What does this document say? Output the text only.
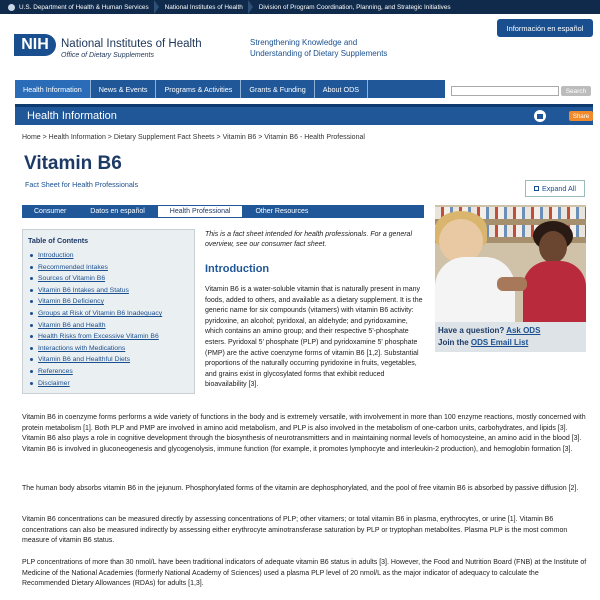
U.S. Department of Health & Human Services	National Institutes of Health	Division of Program Coordination, Planning, and Strategic Initiatives
Información en español
NIH	National Institutes of Health
Office of Dietary Supplements
Strengthening Knowledge and
Understanding of Dietary Supplements
Health Information	News & Events	Programs & Activities	Grants & Funding	About ODS	Search
Health Information	Share
Home > Health Information > Dietary Supplement Fact Sheets > Vitamin B6 > Vitamin B6 - Health Professional
Vitamin B6
Fact Sheet for Health Professionals	Expand All
Consumer	Datos en español	Health Professional	Other Resources
Table of Contents
Introduction
Recommended Intakes
Sources of Vitamin B6
Vitamin B6 Intakes and Status
Vitamin B6 Deficiency
Groups at Risk of Vitamin B6 Inadequacy
Vitamin B6 and Health
Health Risks from Excessive Vitamin B6
Interactions with Medications
Vitamin B6 and Healthful Diets
References
Disclaimer
This is a fact sheet intended for health professionals. For a general overview, see our consumer fact sheet.
Introduction
Vitamin B6 is a water-soluble vitamin that is naturally present in many foods, added to others, and available as a dietary supplement. It is the generic name for six compounds (vitamers) with vitamin B6 activity: pyridoxine, an alcohol; pyridoxal, an aldehyde; and pyridoxamine, which contains an amino group; and their respective 5'-phosphate esters. Pyridoxal 5' phosphate (PLP) and pyridoxamine 5' phosphate (PMP) are the active coenzyme forms of vitamin B6 [1,2]. Substantial proportions of the naturally occurring pyridoxine in fruits, vegetables, and grains exist in glycosylated forms that exhibit reduced bioavailability [3].
Have a question? Ask ODS
Join the ODS Email List
Vitamin B6 in coenzyme forms performs a wide variety of functions in the body and is extremely versatile, with involvement in more than 100 enzyme reactions, mostly concerned with protein metabolism [1]. Both PLP and PMP are involved in amino acid metabolism, and PLP is also involved in the metabolism of one-carbon units, carbohydrates, and lipids [3]. Vitamin B6 also plays a role in cognitive development through the biosynthesis of neurotransmitters and in maintaining normal levels of homocysteine, an amino acid in the blood [3]. Vitamin B6 is involved in gluconeogenesis and glycogenolysis, immune function (for example, it promotes lymphocyte and interleukin-2 production), and hemoglobin formation [3].
The human body absorbs vitamin B6 in the jejunum. Phosphorylated forms of the vitamin are dephosphorylated, and the pool of free vitamin B6 is absorbed by passive diffusion [2].
Vitamin B6 concentrations can be measured directly by assessing concentrations of PLP; other vitamers; or total vitamin B6 in plasma, erythrocytes, or urine [1]. Vitamin B6 concentrations can also be measured indirectly by assessing either erythrocyte aminotransferase saturation by PLP or tryptophan metabolites. Plasma PLP is the most common measure of vitamin B6 status.
PLP concentrations of more than 30 nmol/L have been traditional indicators of adequate vitamin B6 status in adults [3]. However, the Food and Nutrition Board (FNB) at the Institute of Medicine of the National Academies (formerly National Academy of Sciences) used a plasma PLP level of 20 nmol/L as the major indicator of adequacy to calculate the Recommended Dietary Allowances (RDAs) for adults [1,3].
